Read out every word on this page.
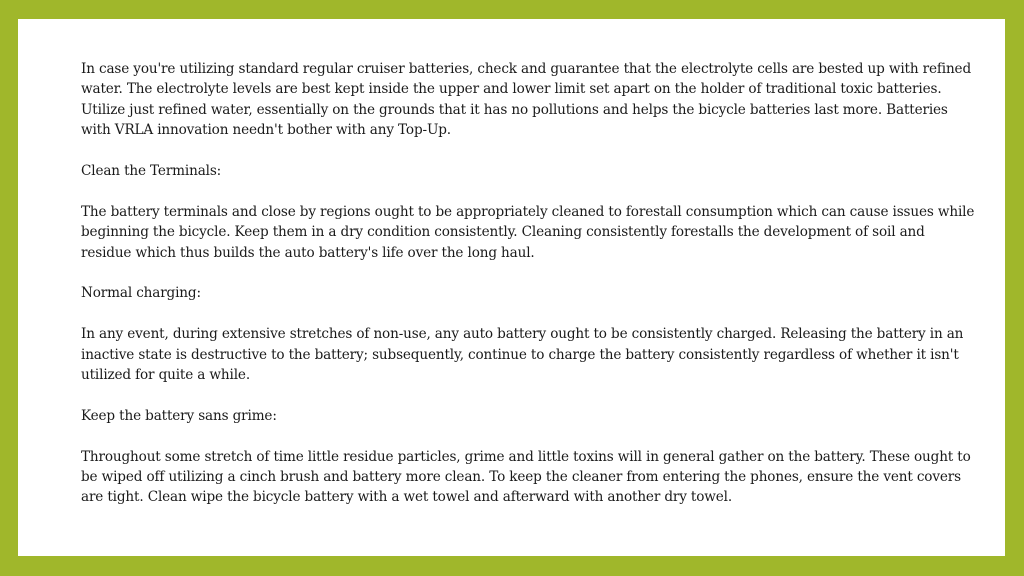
In case you're utilizing standard regular cruiser batteries, check and guarantee that the electrolyte cells are bested up with refined water. The electrolyte levels are best kept inside the upper and lower limit set apart on the holder of traditional toxic batteries. Utilize just refined water, essentially on the grounds that it has no pollutions and helps the bicycle batteries last more. Batteries with VRLA innovation needn't bother with any Top-Up.

Clean the Terminals:

The battery terminals and close by regions ought to be appropriately cleaned to forestall consumption which can cause issues while beginning the bicycle. Keep them in a dry condition consistently. Cleaning consistently forestalls the development of soil and residue which thus builds the auto battery's life over the long haul.

Normal charging:

In any event, during extensive stretches of non-use, any auto battery ought to be consistently charged. Releasing the battery in an inactive state is destructive to the battery; subsequently, continue to charge the battery consistently regardless of whether it isn't utilized for quite a while.

Keep the battery sans grime:

Throughout some stretch of time little residue particles, grime and little toxins will in general gather on the battery. These ought to be wiped off utilizing a cinch brush and battery more clean. To keep the cleaner from entering the phones, ensure the vent covers are tight. Clean wipe the bicycle battery with a wet towel and afterward with another dry towel.
